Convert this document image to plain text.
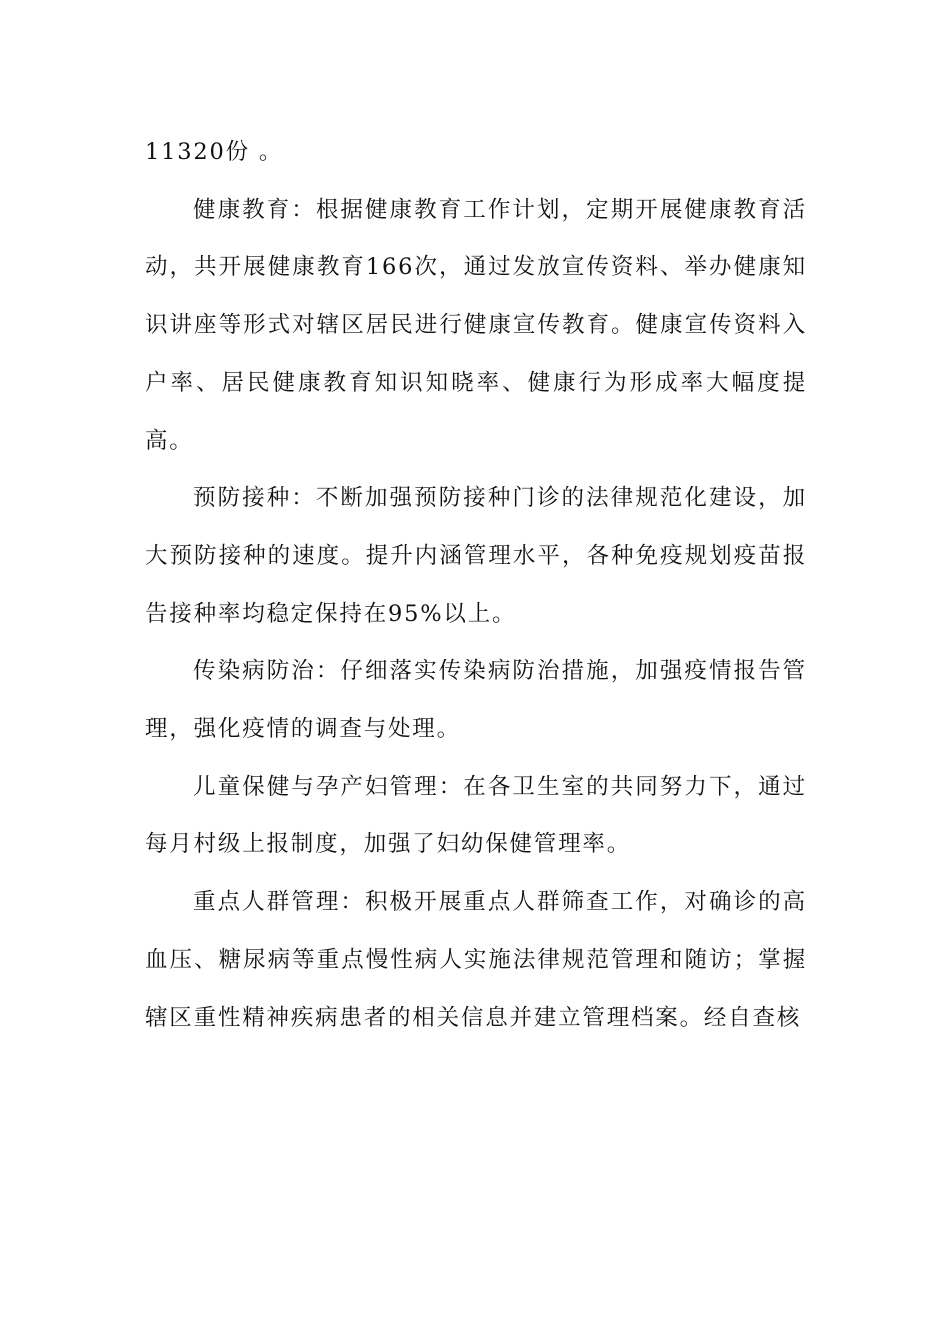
11320份 。

健康教育：根据健康教育工作计划，定期开展健康教育活动，共开展健康教育166次，通过发放宣传资料、举办健康知识讲座等形式对辖区居民进行健康宣传教育。健康宣传资料入户率、居民健康教育知识知晓率、健康行为形成率大幅度提高。

预防接种：不断加强预防接种门诊的法律规范化建设，加大预防接种的速度。提升内涵管理水平，各种免疫规划疫苗报告接种率均稳定保持在95%以上。

传染病防治：仔细落实传染病防治措施，加强疫情报告管理，强化疫情的调查与处理。

儿童保健与孕产妇管理：在各卫生室的共同努力下，通过每月村级上报制度，加强了妇幼保健管理率。

重点人群管理：积极开展重点人群筛查工作，对确诊的高血压、糖尿病等重点慢性病人实施法律规范管理和随访；掌握辖区重性精神疾病患者的相关信息并建立管理档案。经自查核
